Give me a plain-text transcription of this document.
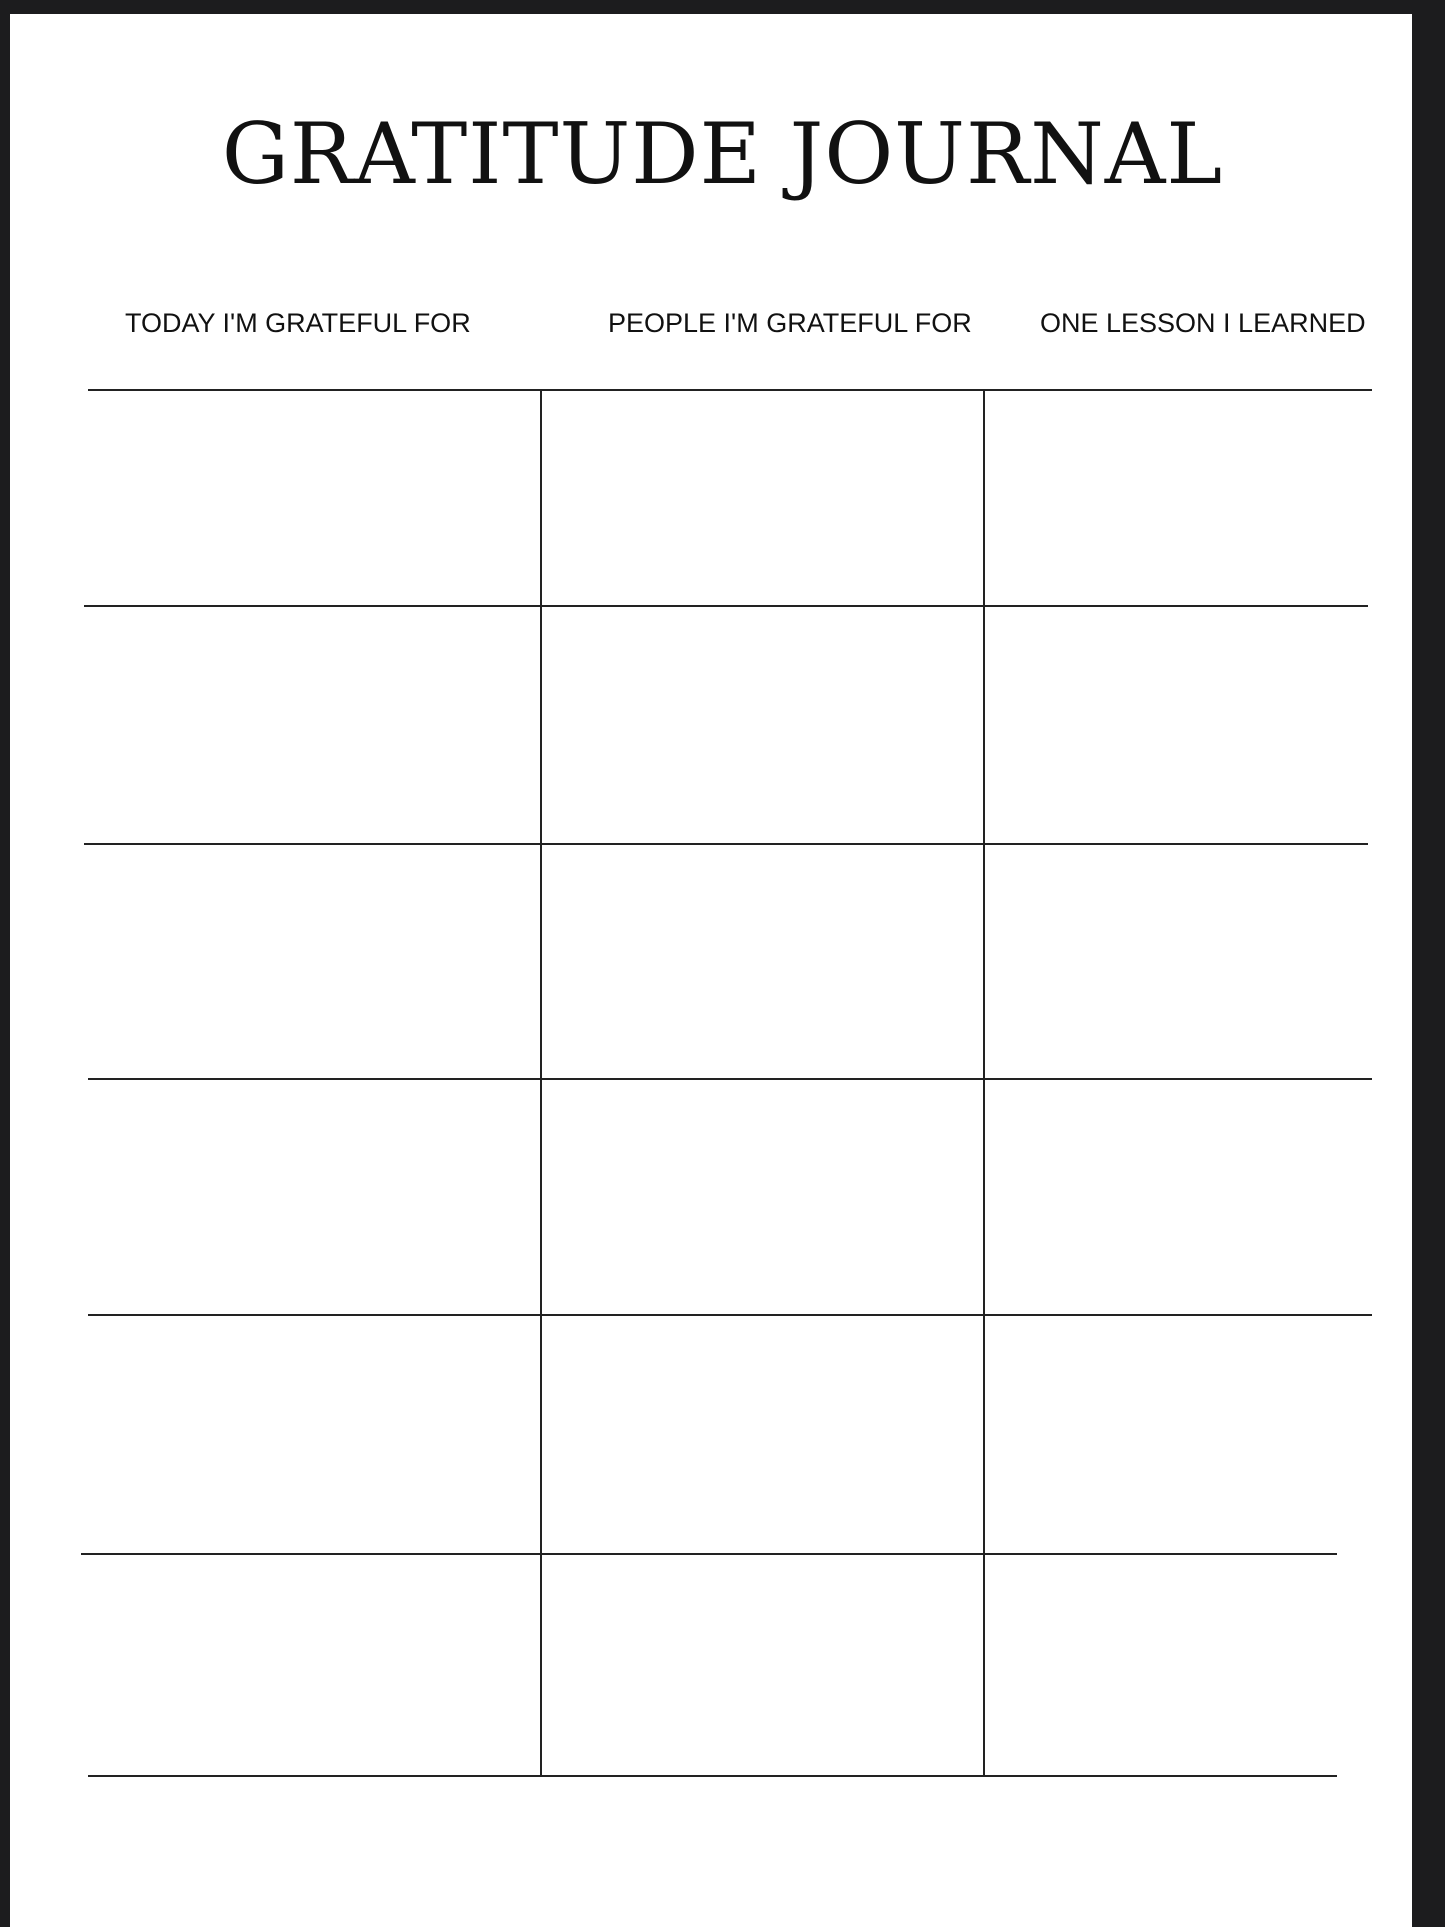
GRATITUDE JOURNAL
TODAY I'M GRATEFUL FOR	PEOPLE I'M GRATEFUL FOR	ONE LESSON I LEARNED
